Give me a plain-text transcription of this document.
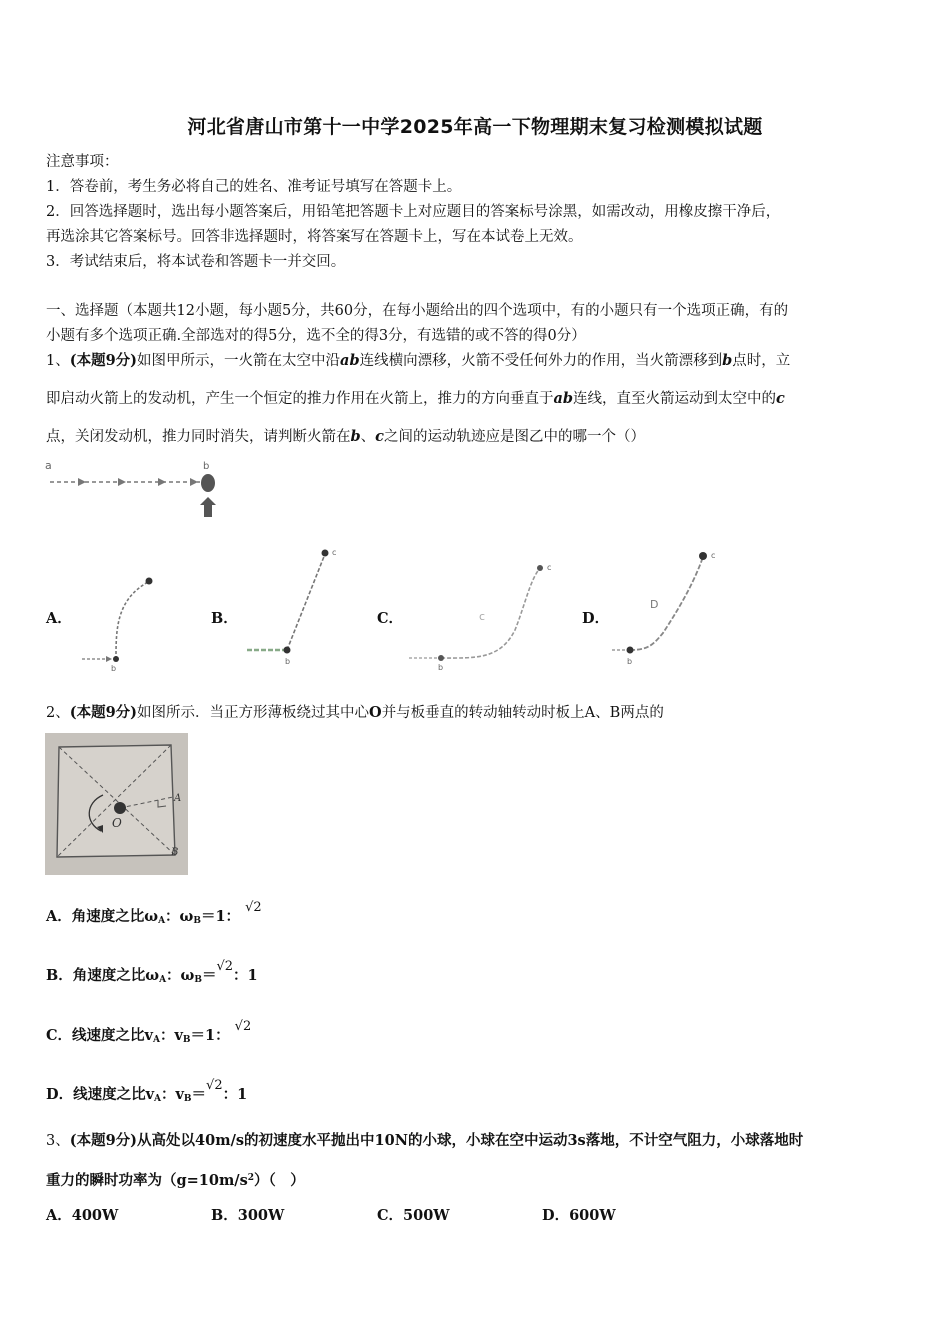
河北省唐山市第十一中学2025年高一下物理期末复习检测模拟试题
注意事项：
1．答卷前，考生务必将自己的姓名、准考证号填写在答题卡上。
2．回答选择题时，选出每小题答案后，用铅笔把答题卡上对应题目的答案标号涂黑，如需改动，用橡皮擦干净后，
再选涂其它答案标号。回答非选择题时，将答案写在答题卡上，写在本试卷上无效。
3．考试结束后，将本试卷和答题卡一并交回。
一、选择题（本题共12小题，每小题5分，共60分，在每小题给出的四个选项中，有的小题只有一个选项正确，有的
小题有多个选项正确.全部选对的得5分，选不全的得3分，有选错的或不答的得0分）
1、(本题9分)如图甲所示，一火箭在太空中沿ab连线横向漂移，火箭不受任何外力的作用，当火箭漂移到b点时，立
即启动火箭上的发动机，产生一个恒定的推力作用在火箭上，推力的方向垂直于ab连线，直至火箭运动到太空中的c
点，关闭发动机，推力同时消失，请判断火箭在b、c之间的运动轨迹应是图乙中的哪一个（）
a	b
A．
b
B．
c
b
C．	c
c
b
D．
D
c
b
2、(本题9分)如图所示．当正方形薄板绕过其中心O并与板垂直的转动轴转动时板上A、B两点的
O
A
B
A．角速度之比$\omega_A$：$\omega_B=1$： √2
B．角速度之比$\omega_A$：$\omega_B=√2$：1
C．线速度之比$v_A$：$v_B=1$： √2
D．线速度之比$v_A$：$v_B=√2$：1
3、(本题9分)从高处以40m/s的初速度水平抛出中10N的小球，小球在空中运动3s落地，不计空气阻力，小球落地时
重力的瞬时功率为$(g=10m/s^2)$（　）
A．400W	B．300W	C．500W	D．600W
